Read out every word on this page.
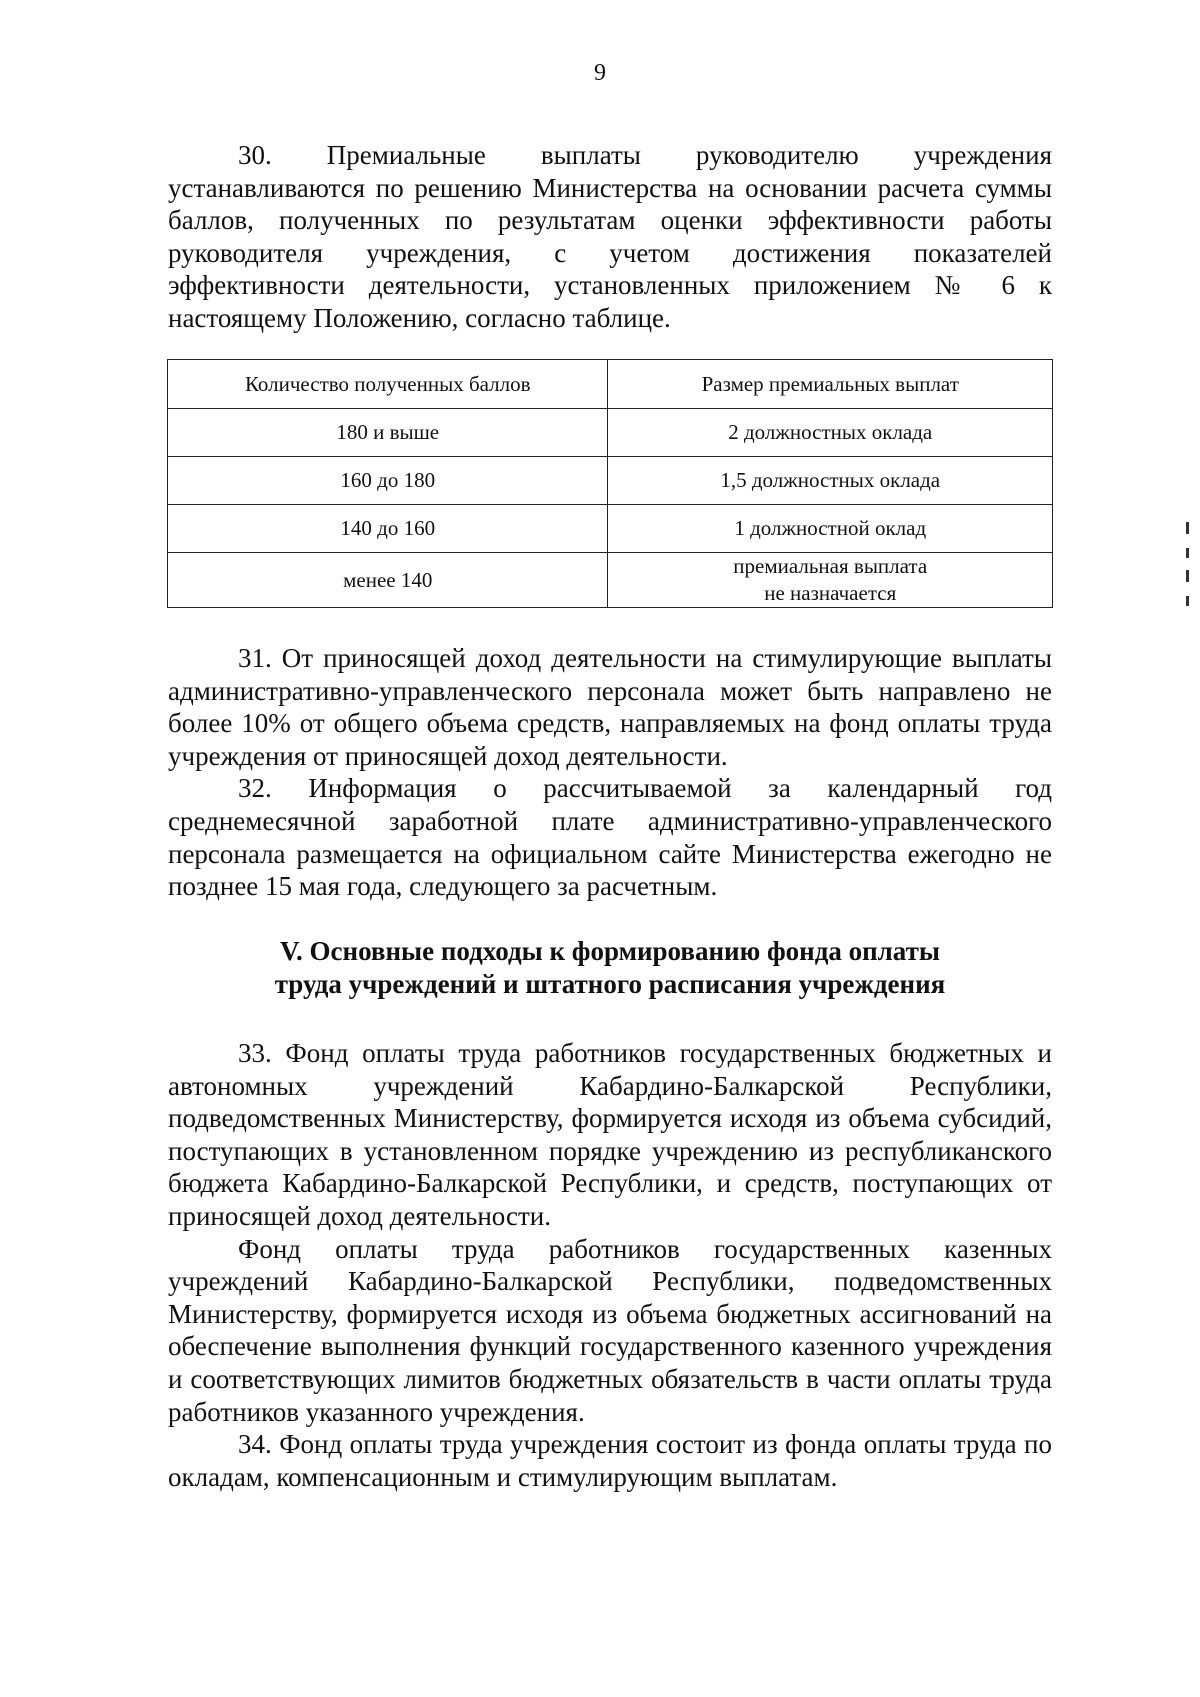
9

30. Премиальные выплаты руководителю учреждения устанавливаются по решению Министерства на основании расчета суммы баллов, полученных по результатам оценки эффективности работы руководителя учреждения, с учетом достижения показателей эффективности деятельности, установленных приложением № 6 к настоящему Положению, согласно таблице.

Количество полученных баллов	Размер премиальных выплат
180 и выше	2 должностных оклада
160 до 180	1,5 должностных оклада
140 до 160	1 должностной оклад
менее 140	премиальная выплата
не назначается

31. От приносящей доход деятельности на стимулирующие выплаты административно-управленческого персонала может быть направлено не более 10% от общего объема средств, направляемых на фонд оплаты труда учреждения от приносящей доход деятельности.

32. Информация о рассчитываемой за календарный год среднемесячной заработной плате административно-управленческого персонала размещается на официальном сайте Министерства ежегодно не позднее 15 мая года, следующего за расчетным.

V. Основные подходы к формированию фонда оплаты
труда учреждений и штатного расписания учреждения

33. Фонд оплаты труда работников государственных бюджетных и автономных учреждений Кабардино-Балкарской Республики, подведомственных Министерству, формируется исходя из объема субсидий, поступающих в установленном порядке учреждению из республиканского бюджета Кабардино-Балкарской Республики, и средств, поступающих от приносящей доход деятельности.

Фонд оплаты труда работников государственных казенных учреждений Кабардино-Балкарской Республики, подведомственных Министерству, формируется исходя из объема бюджетных ассигнований на обеспечение выполнения функций государственного казенного учреждения и соответствующих лимитов бюджетных обязательств в части оплаты труда работников указанного учреждения.

34. Фонд оплаты труда учреждения состоит из фонда оплаты труда по окладам, компенсационным и стимулирующим выплатам.
